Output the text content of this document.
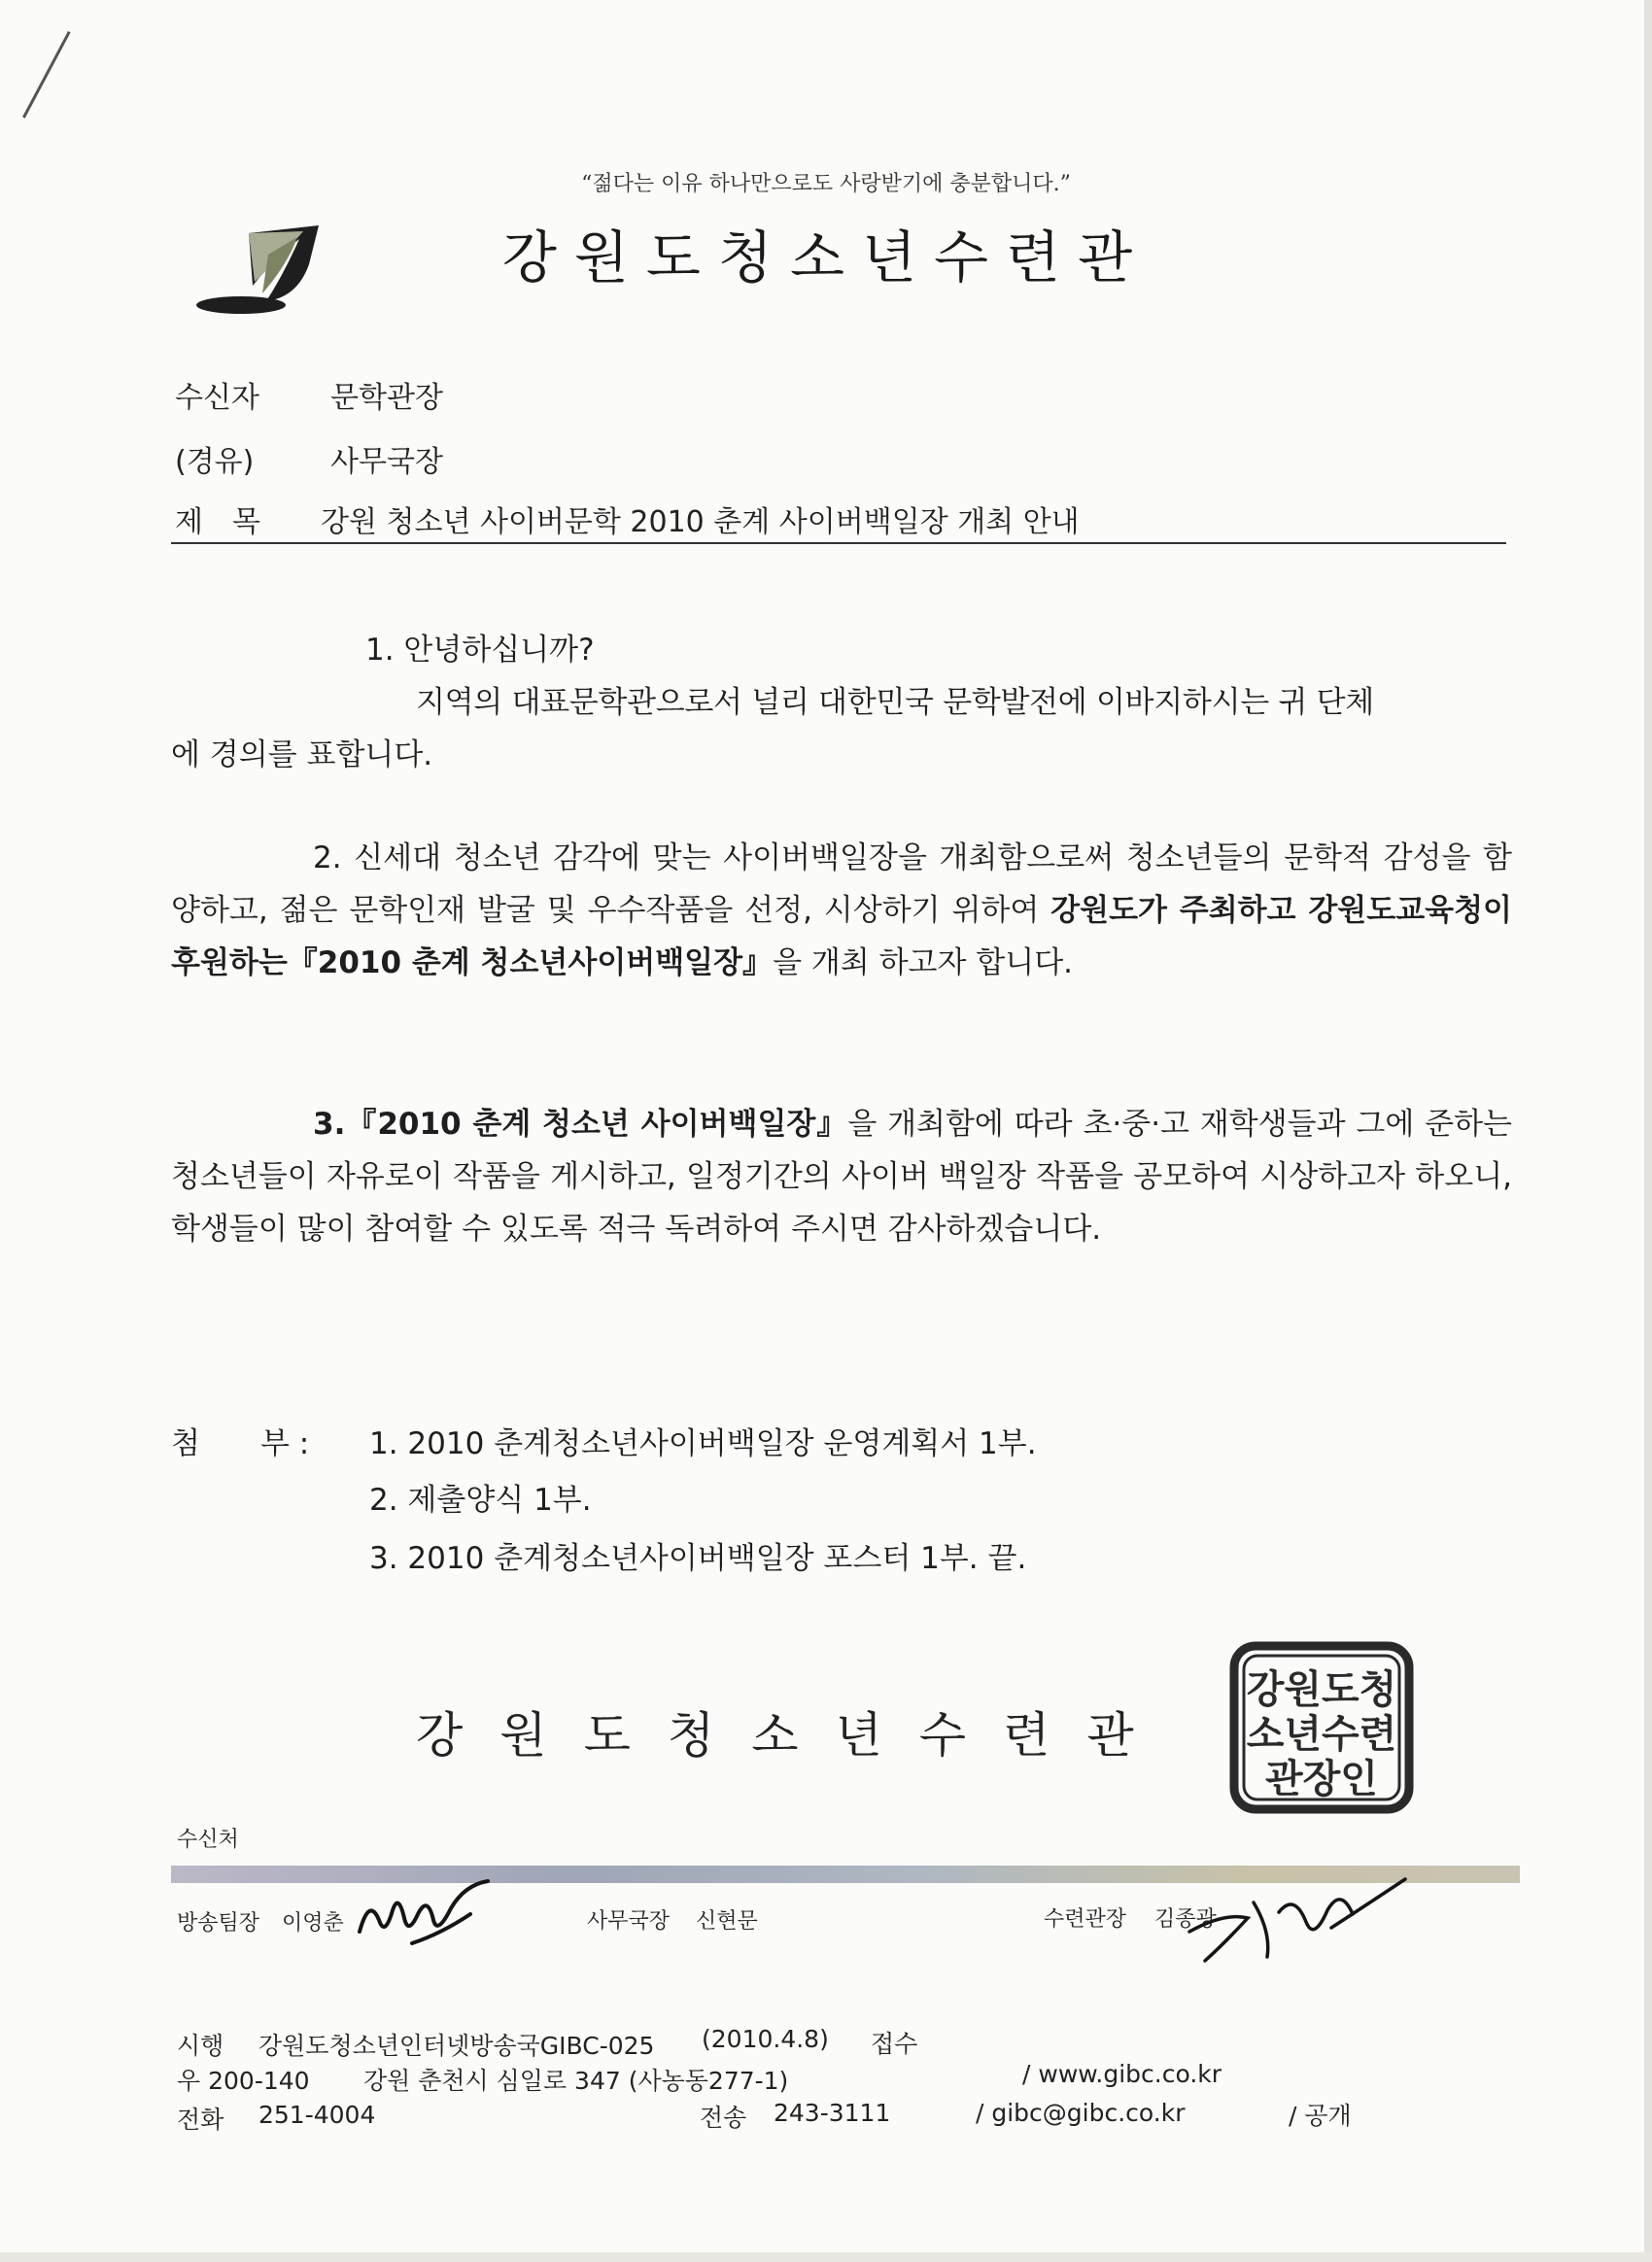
“젊다는 이유 하나만으로도 사랑받기에 충분합니다.”
강원도청소년수련관
수신자 문학관장
(경유)	사무국장
제　목 강원 청소년 사이버문학 2010 춘계 사이버백일장 개최 안내
1. 안녕하십니까?
지역의 대표문학관으로서 널리 대한민국 문학발전에 이바지하시는 귀 단체
에 경의를 표합니다.
2. 신세대 청소년 감각에 맞는 사이버백일장을 개최함으로써 청소년들의 문학적 감성을 함양하고, 젊은 문학인재 발굴 및 우수작품을 선정, 시상하기 위하여 강원도가 주최하고 강원도교육청이 후원하는『2010 춘계 청소년사이버백일장』을 개최 하고자 합니다.
3.『2010 춘계 청소년 사이버백일장』을 개최함에 따라 초·중·고 재학생들과 그에 준하는 청소년들이 자유로이 작품을 게시하고, 일정기간의 사이버 백일장 작품을 공모하여 시상하고자 하오니, 학생들이 많이 참여할 수 있도록 적극 독려하여 주시면 감사하겠습니다.
첨　　부 : 1. 2010 춘계청소년사이버백일장 운영계획서 1부.
2. 제출양식 1부.
3. 2010 춘계청소년사이버백일장 포스터 1부. 끝.
강원도청소년수련관
강원도청
소년수련
관장인
수신처
방송팀장 이영춘	사무국장 신현문	수련관장 김종광
시행 강원도청소년인터넷방송국GIBC-025 (2010.4.8) 접수
우 200-140 강원 춘천시 심일로 347 (사농동277-1)	/ www.gibc.co.kr
전화 251-4004	전송 243-3111	/ gibc@gibc.co.kr	/ 공개
